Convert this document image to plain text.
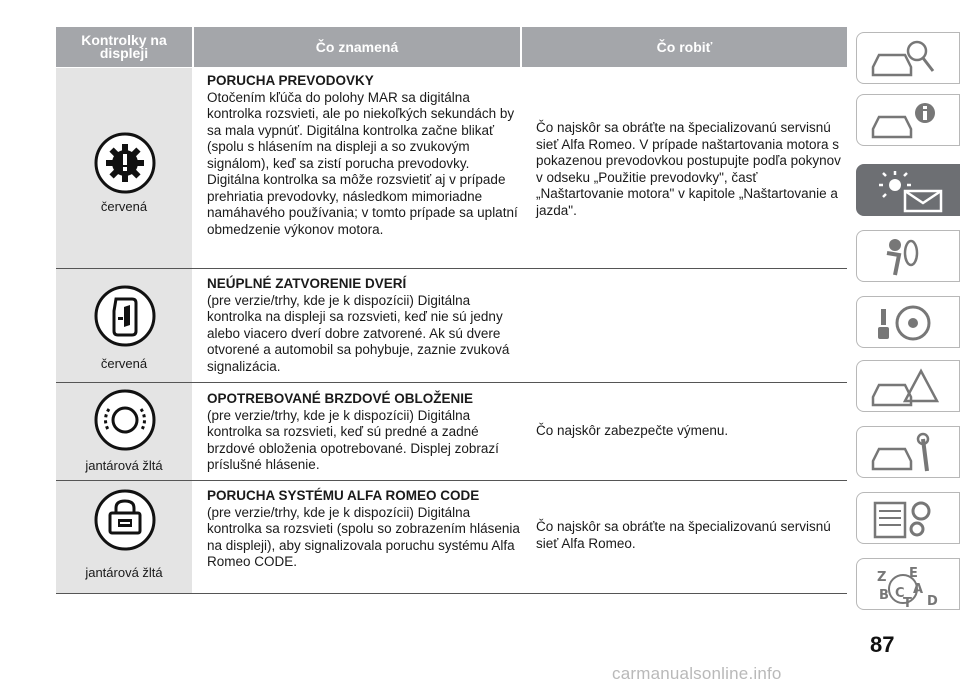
Kontrolky na displeji	Čo znamená	Čo robiť
červená
PORUCHA PREVODOVKY
Otočením kľúča do polohy MAR sa digitálna kontrolka rozsvieti, ale po niekoľkých sekundách by sa mala vypnúť. Digitálna kontrolka začne blikať (spolu s hlásením na displeji a so zvukovým signálom), keď sa zistí porucha prevodovky. Digitálna kontrolka sa môže rozsvietiť aj v prípade prehriatia prevodovky, následkom mimoriadne namáhavého používania; v tomto prípade sa uplatní obmedzenie výkonov motora.
Čo najskôr sa obráťte na špecializovanú servisnú sieť Alfa Romeo. V prípade naštartovania motora s pokazenou prevodovkou postupujte podľa pokynov v odseku „Použitie prevodovky", časť „Naštartovanie motora" v kapitole „Naštartovanie a jazda".
červená
NEÚPLNÉ ZATVORENIE DVERÍ
(pre verzie/trhy, kde je k dispozícii) Digitálna kontrolka na displeji sa rozsvieti, keď nie sú jedny alebo viacero dverí dobre zatvorené. Ak sú dvere otvorené a automobil sa pohybuje, zaznie zvuková signalizácia.
jantárová žltá
OPOTREBOVANÉ BRZDOVÉ OBLOŽENIE
(pre verzie/trhy, kde je k dispozícii) Digitálna kontrolka sa rozsvieti, keď sú predné a zadné brzdové obloženia opotrebované. Displej zobrazí príslušné hlásenie.
Čo najskôr zabezpečte výmenu.
jantárová žltá
PORUCHA SYSTÉMU ALFA ROMEO CODE
(pre verzie/trhy, kde je k dispozícii) Digitálna kontrolka sa rozsvieti (spolu so zobrazením hlásenia na displeji), aby signalizovala poruchu systému Alfa Romeo CODE.
Čo najskôr sa obráťte na špecializovanú servisnú sieť Alfa Romeo.
Z E
A
B C
D
T
87
carmanualsonline.info
